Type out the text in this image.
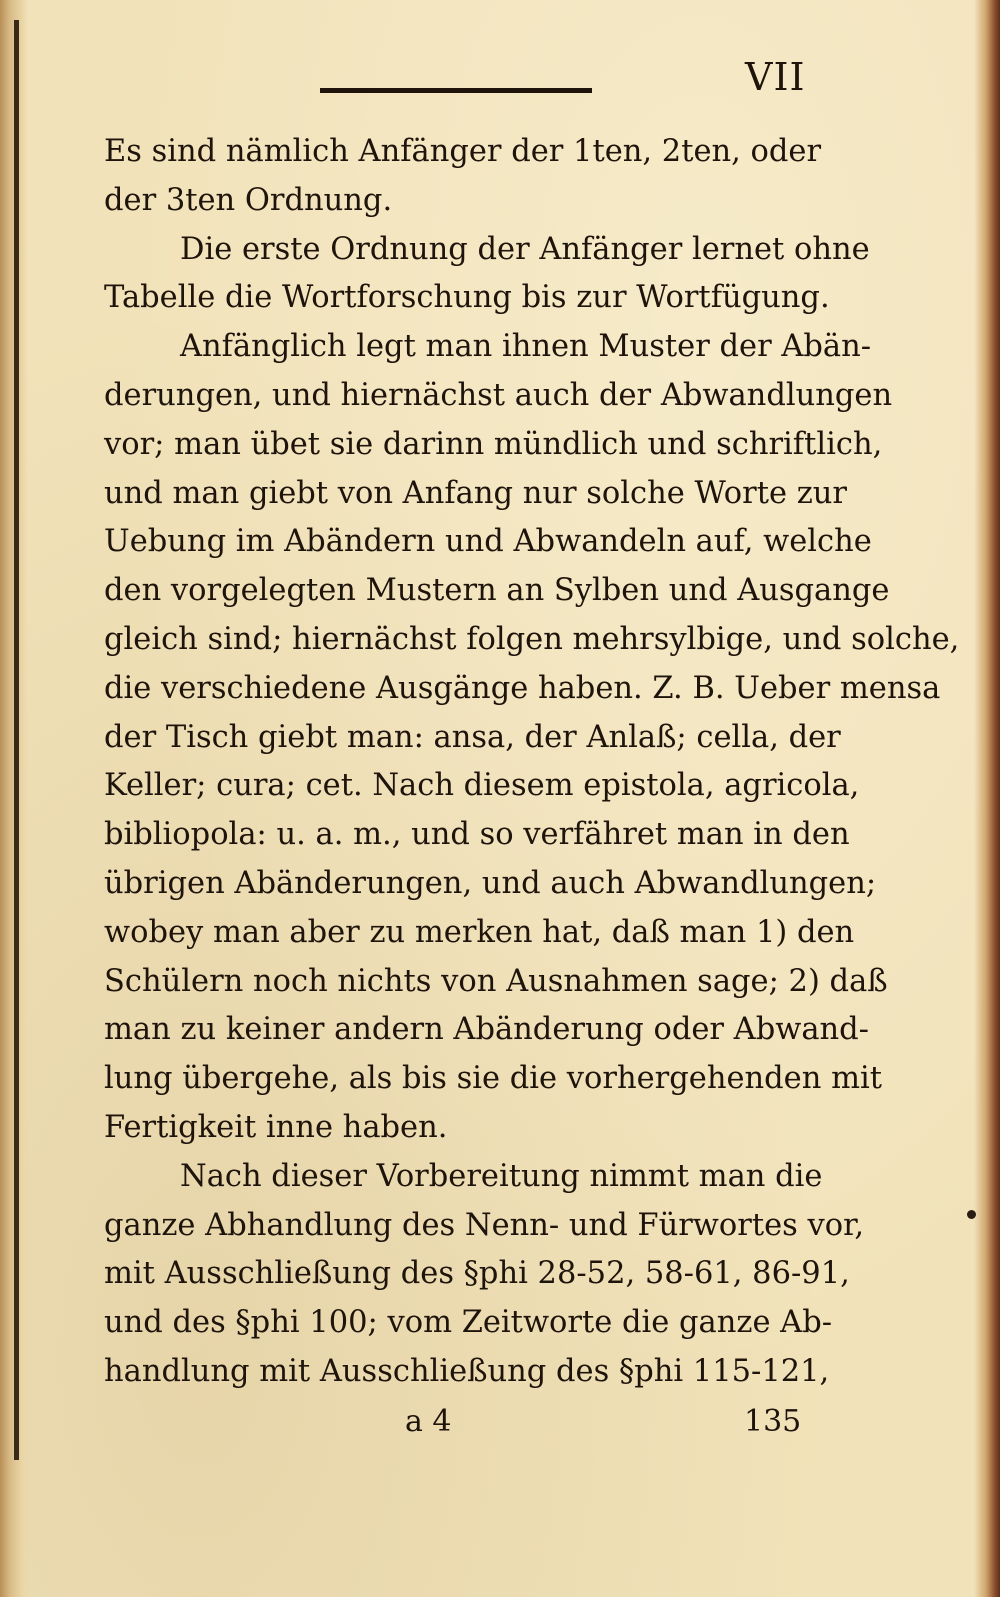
VII
Es sind nämlich Anfänger der 1ten, 2ten, oder
der 3ten Ordnung.
Die erste Ordnung der Anfänger lernet ohne
Tabelle die Wortforschung bis zur Wortfügung.
Anfänglich legt man ihnen Muster der Abän-
derungen, und hiernächst auch der Abwandlungen
vor; man übet sie darinn mündlich und schriftlich,
und man giebt von Anfang nur solche Worte zur
Uebung im Abändern und Abwandeln auf, welche
den vorgelegten Mustern an Sylben und Ausgange
gleich sind; hiernächst folgen mehrsylbige, und solche,
die verschiedene Ausgänge haben. Z. B. Ueber mensa
der Tisch giebt man: ansa, der Anlaß; cella, der
Keller; cura; cet. Nach diesem epistola, agricola,
bibliopola: u. a. m., und so verfähret man in den
übrigen Abänderungen, und auch Abwandlungen;
wobey man aber zu merken hat, daß man 1) den
Schülern noch nichts von Ausnahmen sage; 2) daß
man zu keiner andern Abänderung oder Abwand-
lung übergehe, als bis sie die vorhergehenden mit
Fertigkeit inne haben.
Nach dieser Vorbereitung nimmt man die
ganze Abhandlung des Nenn- und Fürwortes vor,
mit Ausschließung des §phi 28-52, 58-61, 86-91,
und des §phi 100; vom Zeitworte die ganze Ab-
handlung mit Ausschließung des §phi 115-121,
a 4	135
